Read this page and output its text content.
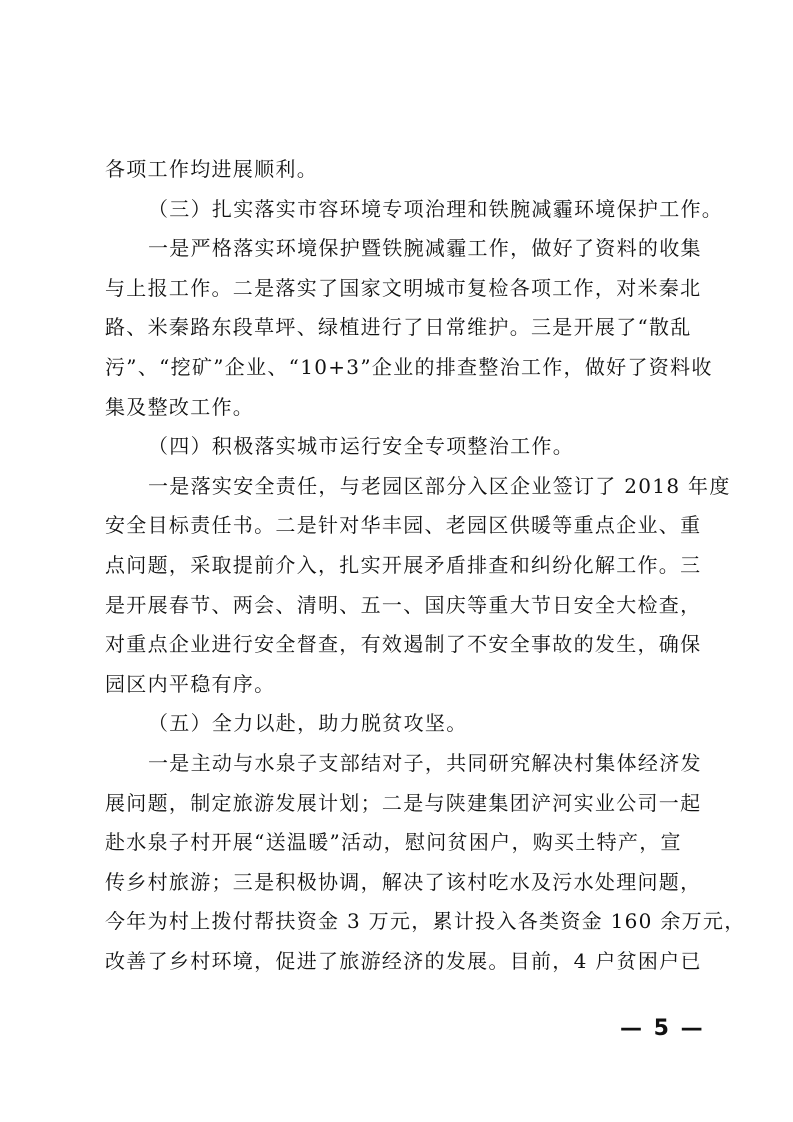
各项工作均进展顺利。
（三）扎实落实市容环境专项治理和铁腕减霾环境保护工作。
一是严格落实环境保护暨铁腕减霾工作，做好了资料的收集
与上报工作。二是落实了国家文明城市复检各项工作，对米秦北
路、米秦路东段草坪、绿植进行了日常维护。三是开展了“散乱
污”、“挖矿”企业、“10+3”企业的排查整治工作，做好了资料收
集及整改工作。
（四）积极落实城市运行安全专项整治工作。
一是落实安全责任，与老园区部分入区企业签订了 2018 年度
安全目标责任书。二是针对华丰园、老园区供暖等重点企业、重
点问题，采取提前介入，扎实开展矛盾排查和纠纷化解工作。三
是开展春节、两会、清明、五一、国庆等重大节日安全大检查，
对重点企业进行安全督查，有效遏制了不安全事故的发生，确保
园区内平稳有序。
（五）全力以赴，助力脱贫攻坚。
一是主动与水泉子支部结对子，共同研究解决村集体经济发
展问题，制定旅游发展计划；二是与陕建集团浐河实业公司一起
赴水泉子村开展“送温暖”活动，慰问贫困户，购买土特产，宣
传乡村旅游；三是积极协调，解决了该村吃水及污水处理问题，
今年为村上拨付帮扶资金 3 万元，累计投入各类资金 160 余万元，
改善了乡村环境，促进了旅游经济的发展。目前，4 户贫困户已
— 5 —
